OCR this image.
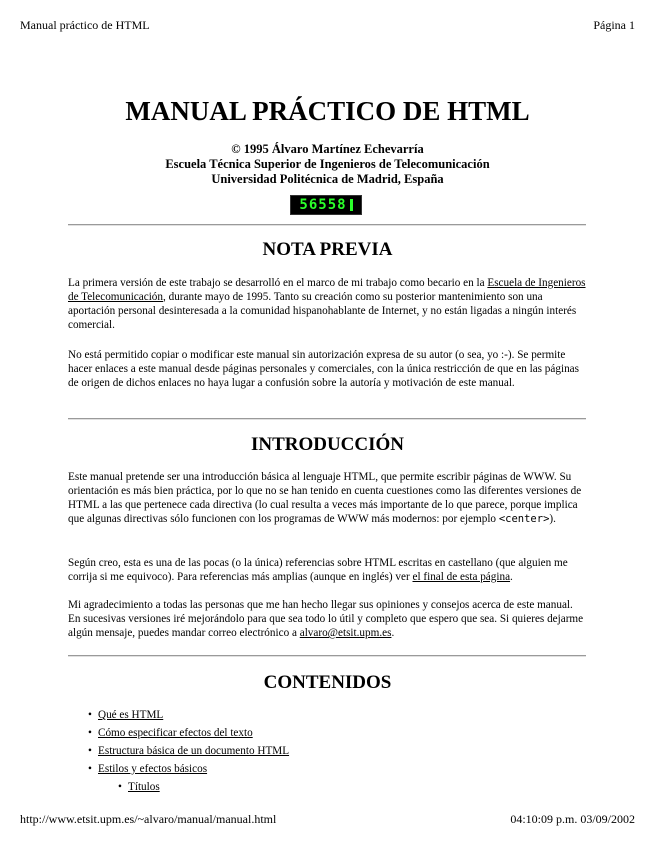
Manual práctico de HTML	Página 1
MANUAL PRÁCTICO DE HTML
© 1995 Álvaro Martínez Echevarría
Escuela Técnica Superior de Ingenieros de Telecomunicación
Universidad Politécnica de Madrid, España
56558
NOTA PREVIA

La primera versión de este trabajo se desarrolló en el marco de mi trabajo como becario en la Escuela de Ingenieros de Telecomunicación, durante mayo de 1995. Tanto su creación como su posterior mantenimiento son una aportación personal desinteresada a la comunidad hispanohablante de Internet, y no están ligadas a ningún interés comercial.

No está permitido copiar o modificar este manual sin autorización expresa de su autor (o sea, yo :-). Se permite hacer enlaces a este manual desde páginas personales y comerciales, con la única restricción de que en las páginas de origen de dichos enlaces no haya lugar a confusión sobre la autoría y motivación de este manual.

INTRODUCCIÓN

Este manual pretende ser una introducción básica al lenguaje HTML, que permite escribir páginas de WWW. Su orientación es más bien práctica, por lo que no se han tenido en cuenta cuestiones como las diferentes versiones de HTML a las que pertenece cada directiva (lo cual resulta a veces más importante de lo que parece, porque implica que algunas directivas sólo funcionen con los programas de WWW más modernos: por ejemplo <center>).

Según creo, esta es una de las pocas (o la única) referencias sobre HTML escritas en castellano (que alguien me corrija si me equivoco). Para referencias más amplias (aunque en inglés) ver el final de esta página.

Mi agradecimiento a todas las personas que me han hecho llegar sus opiniones y consejos acerca de este manual. En sucesivas versiones iré mejorándolo para que sea todo lo útil y completo que espero que sea. Si quieres dejarme algún mensaje, puedes mandar correo electrónico a alvaro@etsit.upm.es.

CONTENIDOS
• Qué es HTML
• Cómo especificar efectos del texto
• Estructura básica de un documento HTML
• Estilos y efectos básicos
• Títulos
http://www.etsit.upm.es/~alvaro/manual/manual.html	04:10:09 p.m. 03/09/2002
